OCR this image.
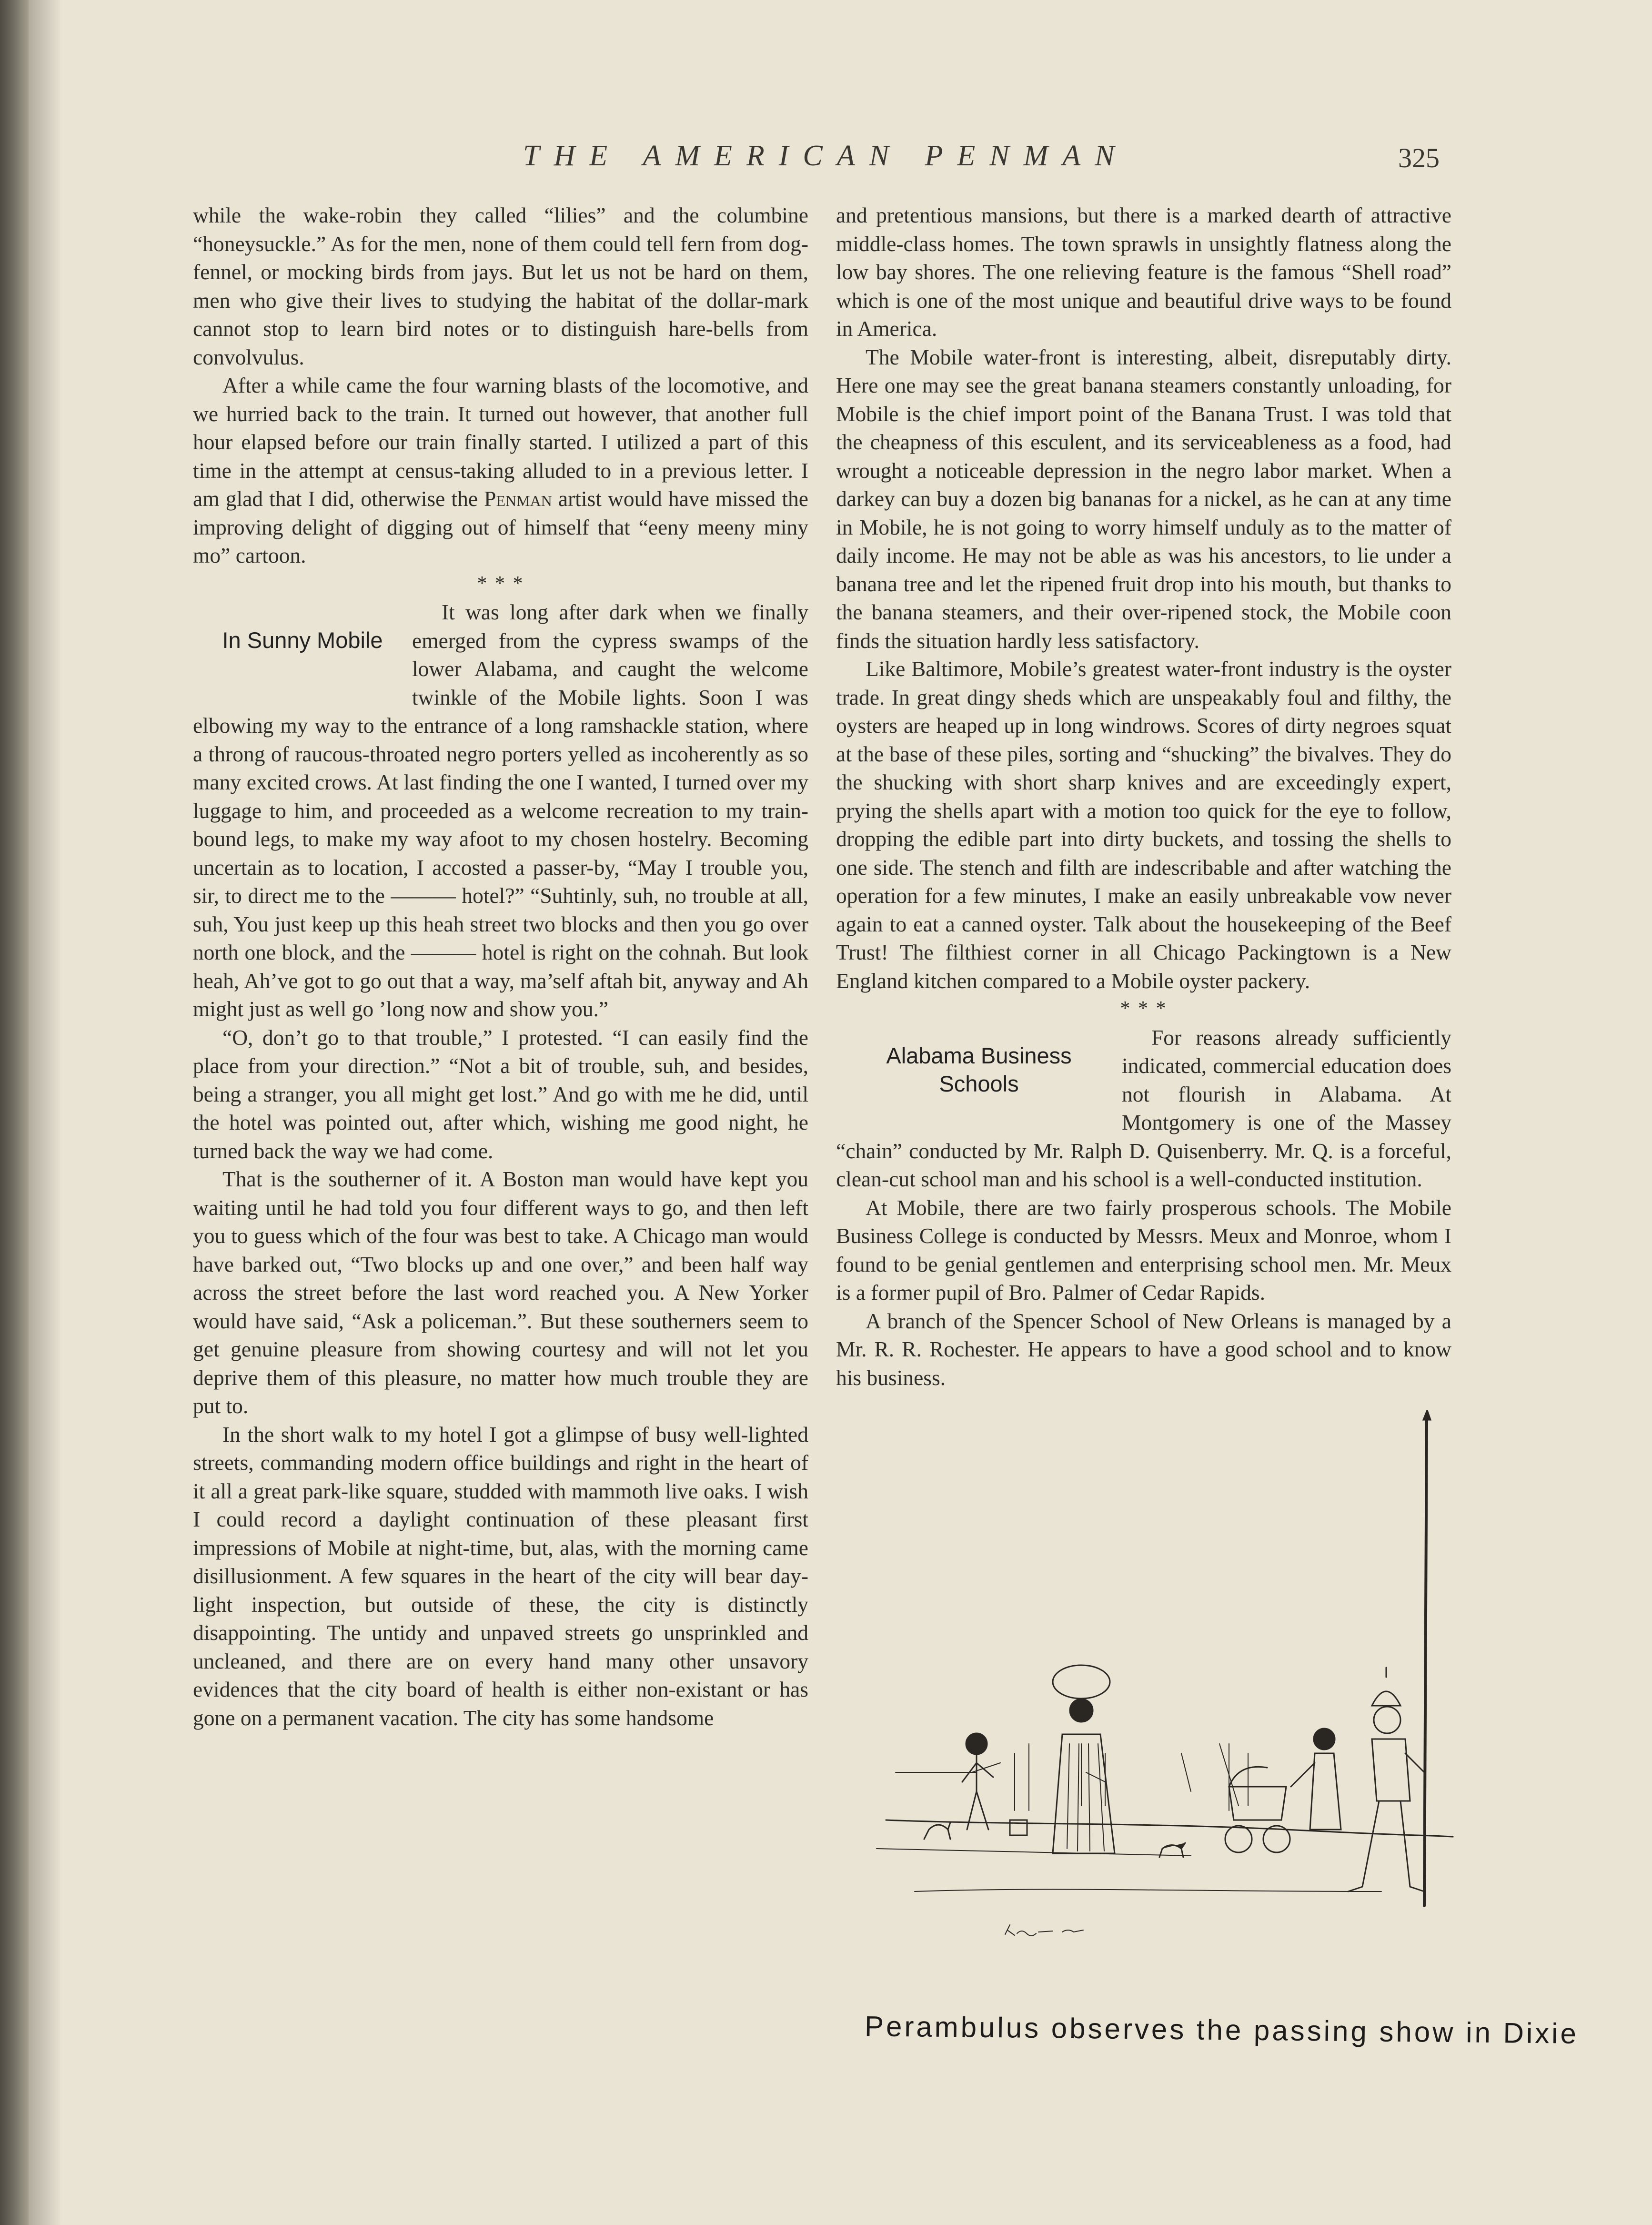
THE AMERICAN PENMAN	325

while the wake-robin they called “lilies” and the columbine “honeysuckle.” As for the men, none of them could tell fern from dog-fennel, or mocking birds from jays. But let us not be hard on them, men who give their lives to studying the habitat of the dollar-mark cannot stop to learn bird notes or to distinguish hare-bells from convolvulus.

After a while came the four warning blasts of the locomotive, and we hurried back to the train. It turned out however, that another full hour elapsed before our train finally started. I utilized a part of this time in the attempt at census-taking alluded to in a previous letter. I am glad that I did, otherwise the Penman artist would have missed the improving delight of digging out of himself that “eeny meeny miny mo” cartoon.

* * *
In Sunny Mobile

It was long after dark when we finally emerged from the cypress swamps of the lower Alabama, and caught the welcome twinkle of the Mobile lights. Soon I was elbowing my way to the entrance of a long ramshackle station, where a throng of raucous-throated negro porters yelled as incoherently as so many excited crows. At last finding the one I wanted, I turned over my luggage to him, and proceeded as a welcome recreation to my train-bound legs, to make my way afoot to my chosen hostelry. Becoming uncertain as to location, I accosted a passer-by, “May I trouble you, sir, to direct me to the ——— hotel?” “Suhtinly, suh, no trouble at all, suh, You just keep up this heah street two blocks and then you go over north one block, and the ——— hotel is right on the cohnah. But look heah, Ah’ve got to go out that a way, ma’self aftah bit, anyway and Ah might just as well go ’long now and show you.”

“O, don’t go to that trouble,” I protested. “I can easily find the place from your direction.” “Not a bit of trouble, suh, and besides, being a stranger, you all might get lost.” And go with me he did, until the hotel was pointed out, after which, wishing me good night, he turned back the way we had come.

That is the southerner of it. A Boston man would have kept you waiting until he had told you four different ways to go, and then left you to guess which of the four was best to take. A Chicago man would have barked out, “Two blocks up and one over,” and been half way across the street before the last word reached you. A New Yorker would have said, “Ask a policeman.”. But these southerners seem to get genuine pleasure from showing courtesy and will not let you deprive them of this pleasure, no matter how much trouble they are put to.

In the short walk to my hotel I got a glimpse of busy well-lighted streets, commanding modern office buildings and right in the heart of it all a great park-like square, studded with mammoth live oaks. I wish I could record a daylight continuation of these pleasant first impressions of Mobile at night-time, but, alas, with the morning came disillusionment. A few squares in the heart of the city will bear day-light inspection, but outside of these, the city is distinctly disappointing. The untidy and unpaved streets go unsprinkled and uncleaned, and there are on every hand many other unsavory evidences that the city board of health is either non-existant or has gone on a permanent vacation. The city has some handsome

and pretentious mansions, but there is a marked dearth of attractive middle-class homes. The town sprawls in unsightly flatness along the low bay shores. The one relieving feature is the famous “Shell road” which is one of the most unique and beautiful drive ways to be found in America.

The Mobile water-front is interesting, albeit, disreputably dirty. Here one may see the great banana steamers constantly unloading, for Mobile is the chief import point of the Banana Trust. I was told that the cheapness of this esculent, and its serviceableness as a food, had wrought a noticeable depression in the negro labor market. When a darkey can buy a dozen big bananas for a nickel, as he can at any time in Mobile, he is not going to worry himself unduly as to the matter of daily income. He may not be able as was his ancestors, to lie under a banana tree and let the ripened fruit drop into his mouth, but thanks to the banana steamers, and their over-ripened stock, the Mobile coon finds the situation hardly less satisfactory.

Like Baltimore, Mobile’s greatest water-front industry is the oyster trade. In great dingy sheds which are unspeakably foul and filthy, the oysters are heaped up in long windrows. Scores of dirty negroes squat at the base of these piles, sorting and “shucking” the bivalves. They do the shucking with short sharp knives and are exceedingly expert, prying the shells apart with a motion too quick for the eye to follow, dropping the edible part into dirty buckets, and tossing the shells to one side. The stench and filth are indescribable and after watching the operation for a few minutes, I make an easily unbreakable vow never again to eat a canned oyster. Talk about the housekeeping of the Beef Trust! The filthiest corner in all Chicago Packingtown is a New England kitchen compared to a Mobile oyster packery.

* * *
Alabama Business
Schools

For reasons already sufficiently indicated, commercial education does not flourish in Alabama. At Montgomery is one of the Massey “chain” conducted by Mr. Ralph D. Quisenberry. Mr. Q. is a forceful, clean-cut school man and his school is a well-conducted institution.

At Mobile, there are two fairly prosperous schools. The Mobile Business College is conducted by Messrs. Meux and Monroe, whom I found to be genial gentlemen and enterprising school men. Mr. Meux is a former pupil of Bro. Palmer of Cedar Rapids.

A branch of the Spencer School of New Orleans is managed by a Mr. R. R. Rochester. He appears to have a good school and to know his business.

Perambulus observes the passing show in Dixie
